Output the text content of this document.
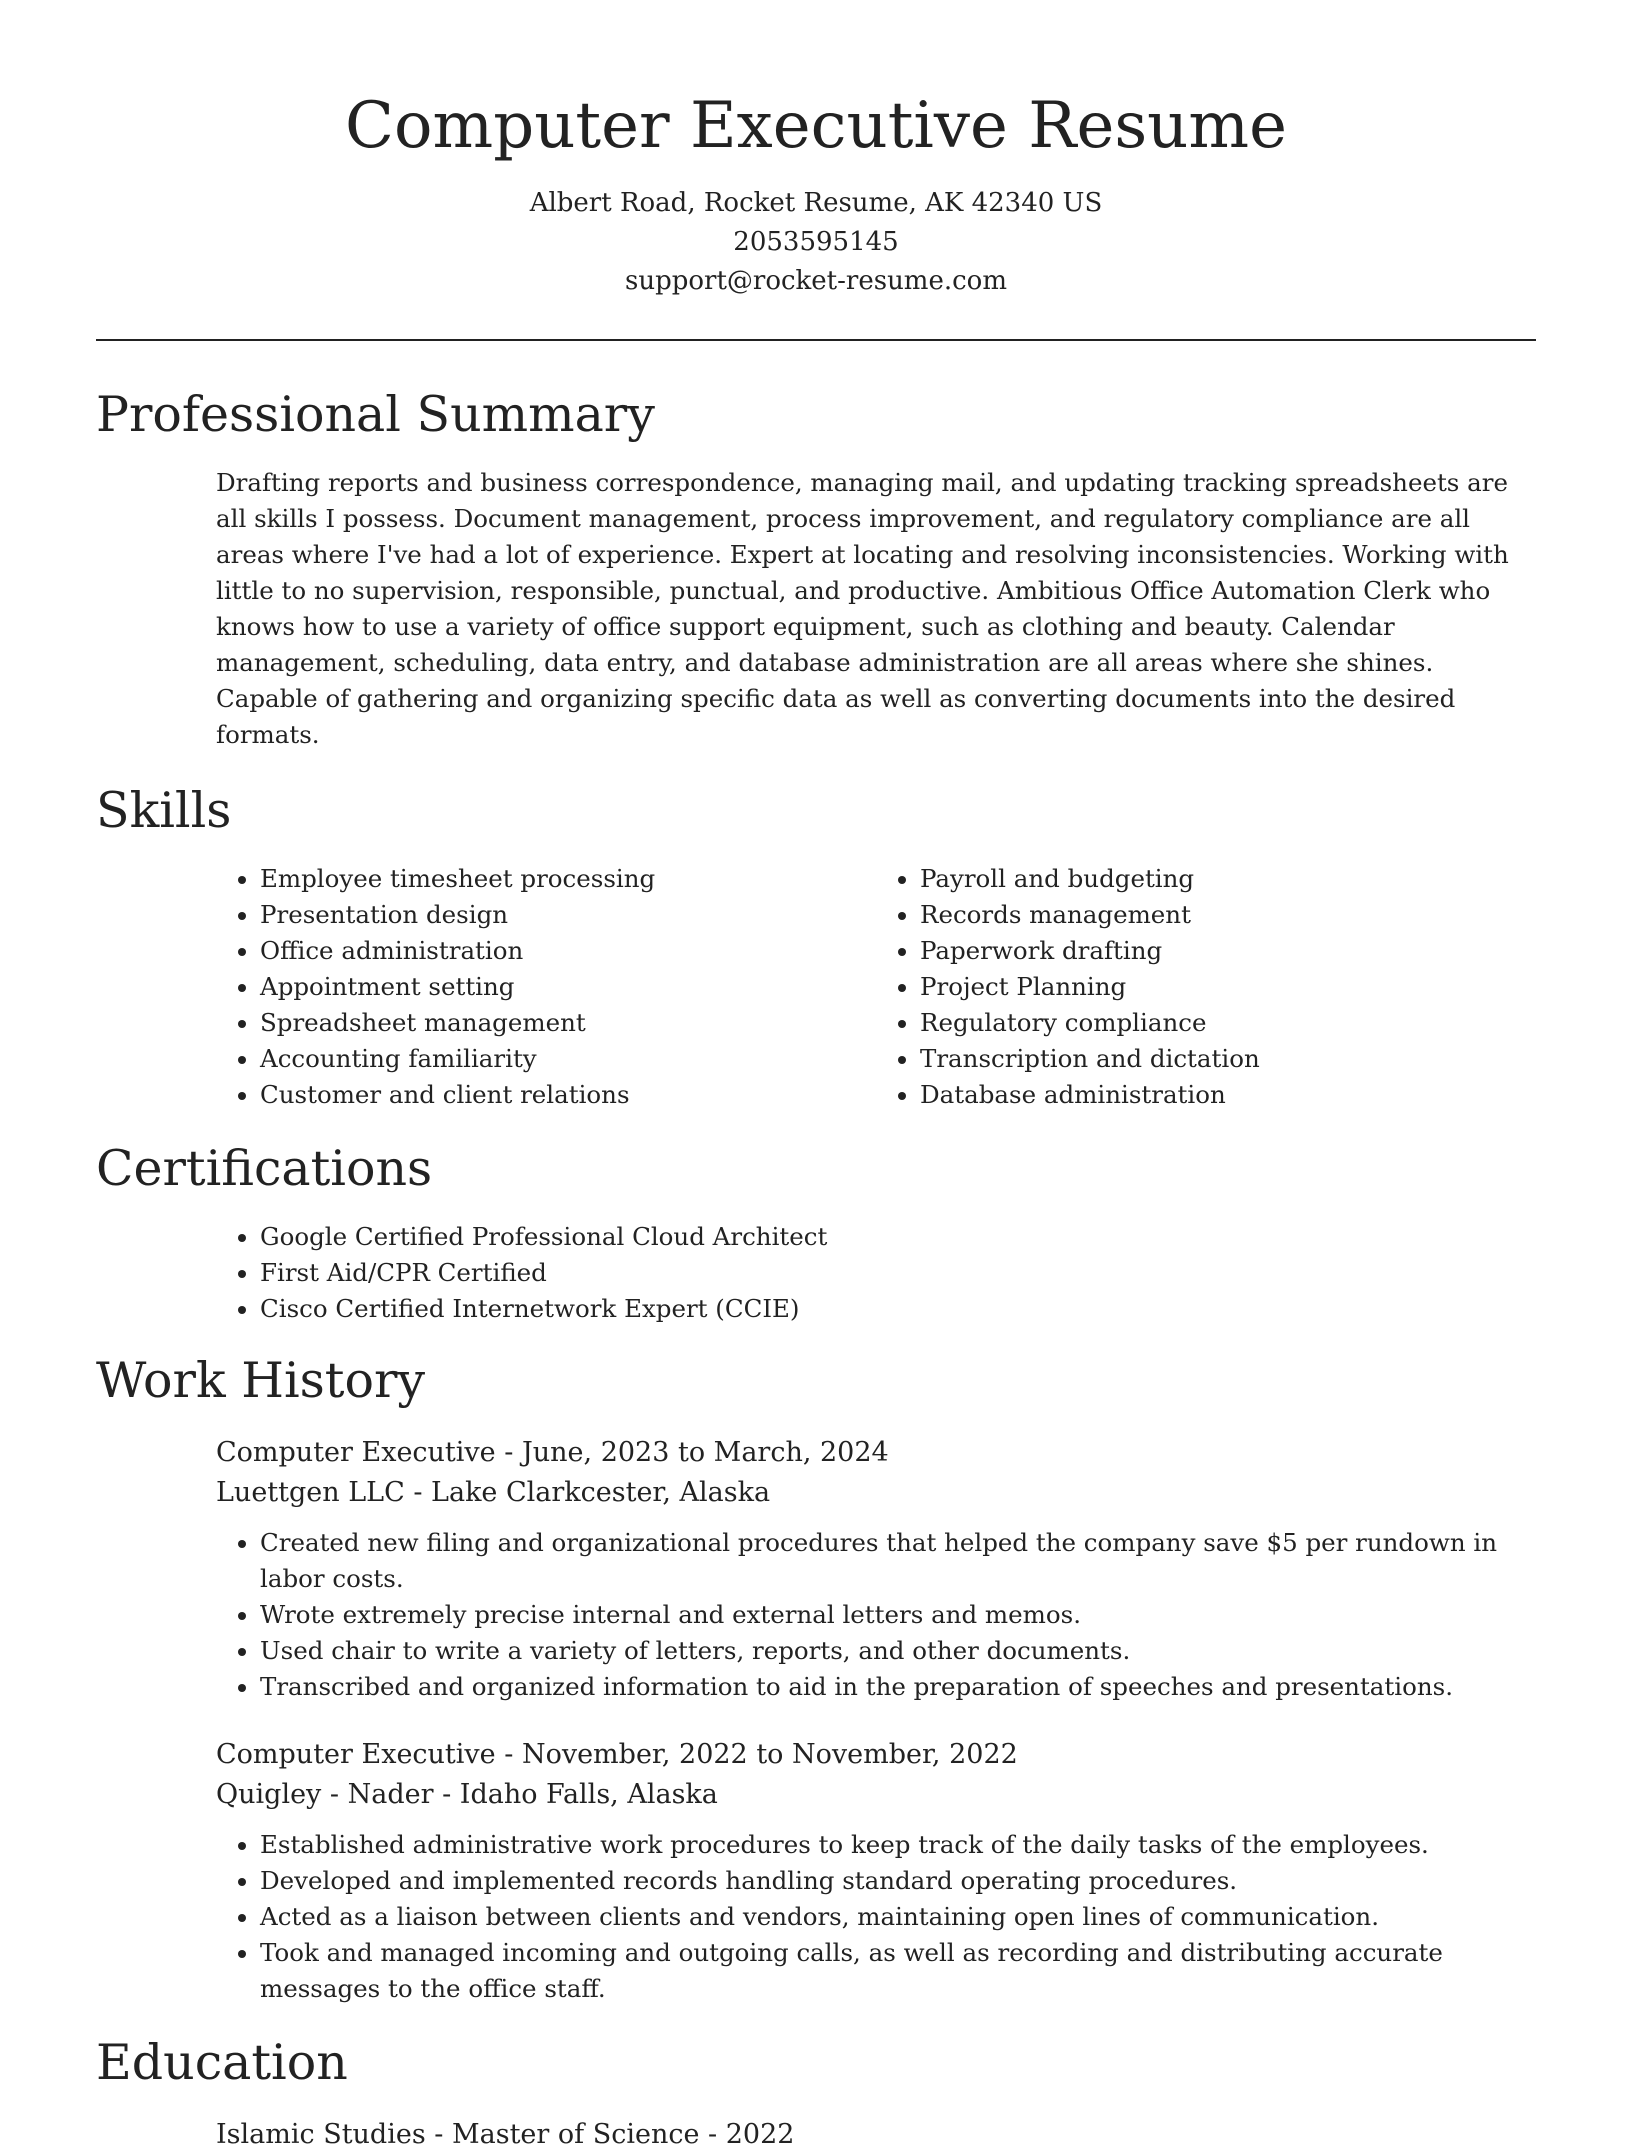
Computer Executive Resume
Albert Road, Rocket Resume, AK 42340 US
2053595145
support@rocket-resume.com
Professional Summary

Drafting reports and business correspondence, managing mail, and updating tracking spreadsheets are all skills I possess. Document management, process improvement, and regulatory compliance are all areas where I've had a lot of experience. Expert at locating and resolving inconsistencies. Working with little to no supervision, responsible, punctual, and productive. Ambitious Office Automation Clerk who knows how to use a variety of office support equipment, such as clothing and beauty. Calendar management, scheduling, data entry, and database administration are all areas where she shines. Capable of gathering and organizing specific data as well as converting documents into the desired formats.

Skills
• Employee timesheet processing
• Presentation design
• Office administration
• Appointment setting
• Spreadsheet management
• Accounting familiarity
• Customer and client relations
• Payroll and budgeting
• Records management
• Paperwork drafting
• Project Planning
• Regulatory compliance
• Transcription and dictation
• Database administration
Certifications
• Google Certified Professional Cloud Architect
• First Aid/CPR Certified
• Cisco Certified Internetwork Expert (CCIE)
Work History

Computer Executive - June, 2023 to March, 2024

Luettgen LLC - Lake Clarkcester, Alaska

• Created new filing and organizational procedures that helped the company save $5 per rundown in labor costs.
• Wrote extremely precise internal and external letters and memos.
• Used chair to write a variety of letters, reports, and other documents.
• Transcribed and organized information to aid in the preparation of speeches and presentations.

Computer Executive - November, 2022 to November, 2022

Quigley - Nader - Idaho Falls, Alaska

• Established administrative work procedures to keep track of the daily tasks of the employees.
• Developed and implemented records handling standard operating procedures.
• Acted as a liaison between clients and vendors, maintaining open lines of communication.
• Took and managed incoming and outgoing calls, as well as recording and distributing accurate messages to the office staff.
Education

Islamic Studies - Master of Science - 2022
